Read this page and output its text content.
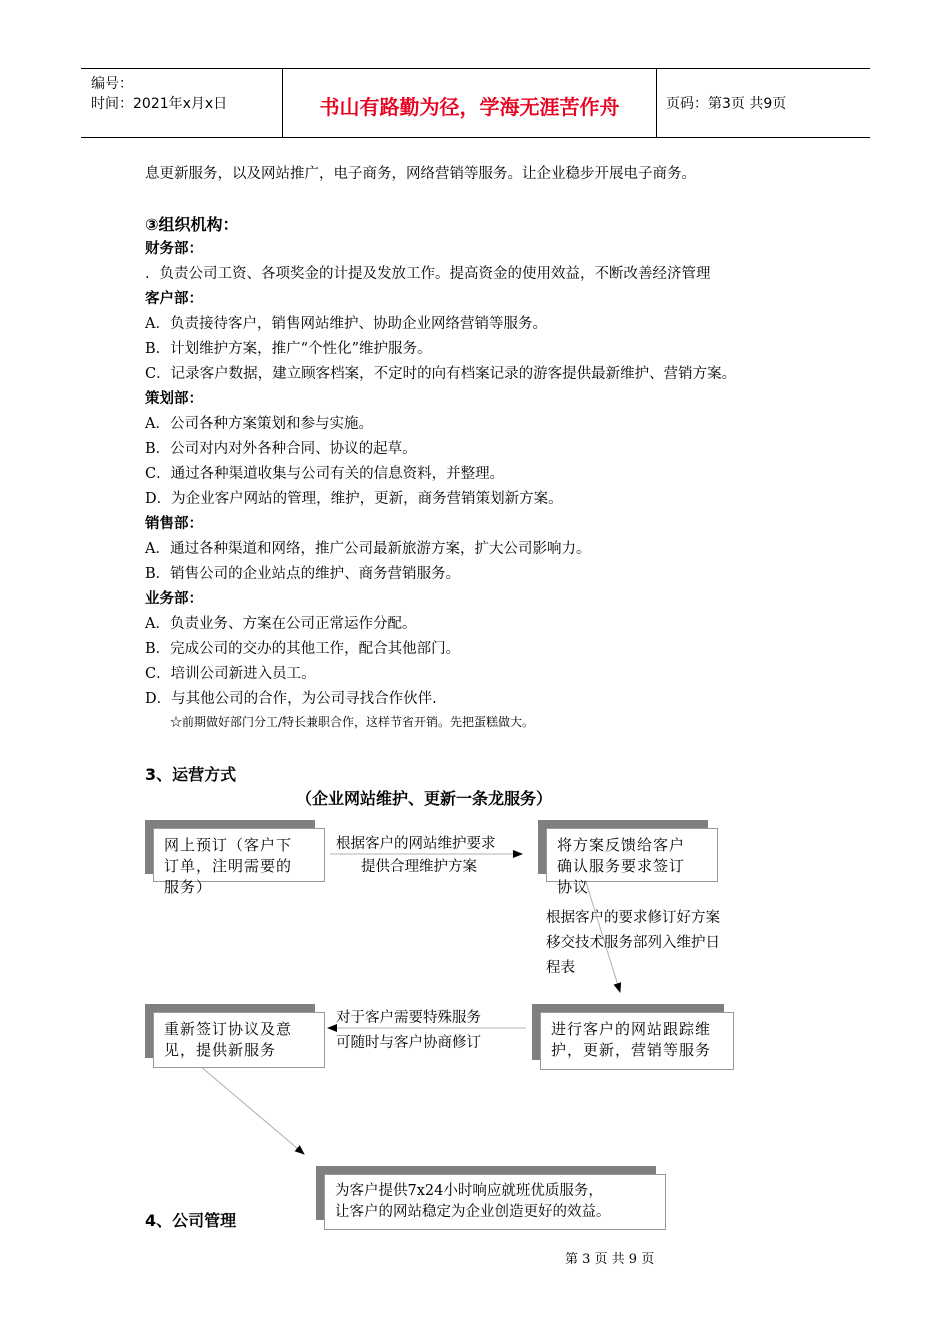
编号：
时间：2021年x月x日	书山有路勤为径，学海无涯苦作舟	页码：第3页 共9页
息更新服务，以及网站推广，电子商务，网络营销等服务。让企业稳步开展电子商务。
③组织机构：
财务部：
．负责公司工资、各项奖金的计提及发放工作。提高资金的使用效益，不断改善经济管理
客户部：
A．负责接待客户，销售网站维护、协助企业网络营销等服务。
B．计划维护方案，推广“个性化”维护服务。
C．记录客户数据，建立顾客档案，不定时的向有档案记录的游客提供最新维护、营销方案。
策划部：
A．公司各种方案策划和参与实施。
B．公司对内对外各种合同、协议的起草。
C．通过各种渠道收集与公司有关的信息资料，并整理。
D．为企业客户网站的管理，维护，更新，商务营销策划新方案。
销售部：
A．通过各种渠道和网络，推广公司最新旅游方案，扩大公司影响力。
B．销售公司的企业站点的维护、商务营销服务。
业务部：
A．负责业务、方案在公司正常运作分配。
B．完成公司的交办的其他工作，配合其他部门。
C．培训公司新进入员工。
D．与其他公司的合作，为公司寻找合作伙伴.
☆前期做好部门分工/特长兼职合作，这样节省开销。先把蛋糕做大。
3、运营方式
（企业网站维护、更新一条龙服务）
网上预订（客户下
订单，注明需要的
服务）
根据客户的网站维护要求
提供合理维护方案
将方案反馈给客户
确认服务要求签订
协议
根据客户的要求修订好方案
移交技术服务部列入维护日
程表
重新签订协议及意
见，提供新服务
对于客户需要特殊服务
可随时与客户协商修订
进行客户的网站跟踪维
护，更新，营销等服务
为客户提供7x24小时响应就班优质服务，
让客户的网站稳定为企业创造更好的效益。
4、公司管理
第 3 页 共 9 页
